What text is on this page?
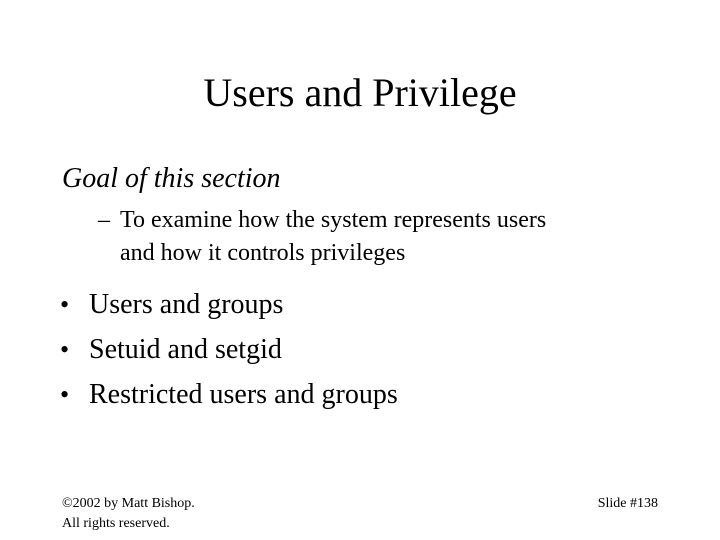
Users and Privilege
Goal of this section
– To examine how the system represents users
and how it controls privileges
• Users and groups
• Setuid and setgid
• Restricted users and groups
©2002 by Matt Bishop.
All rights reserved.
Slide #138
